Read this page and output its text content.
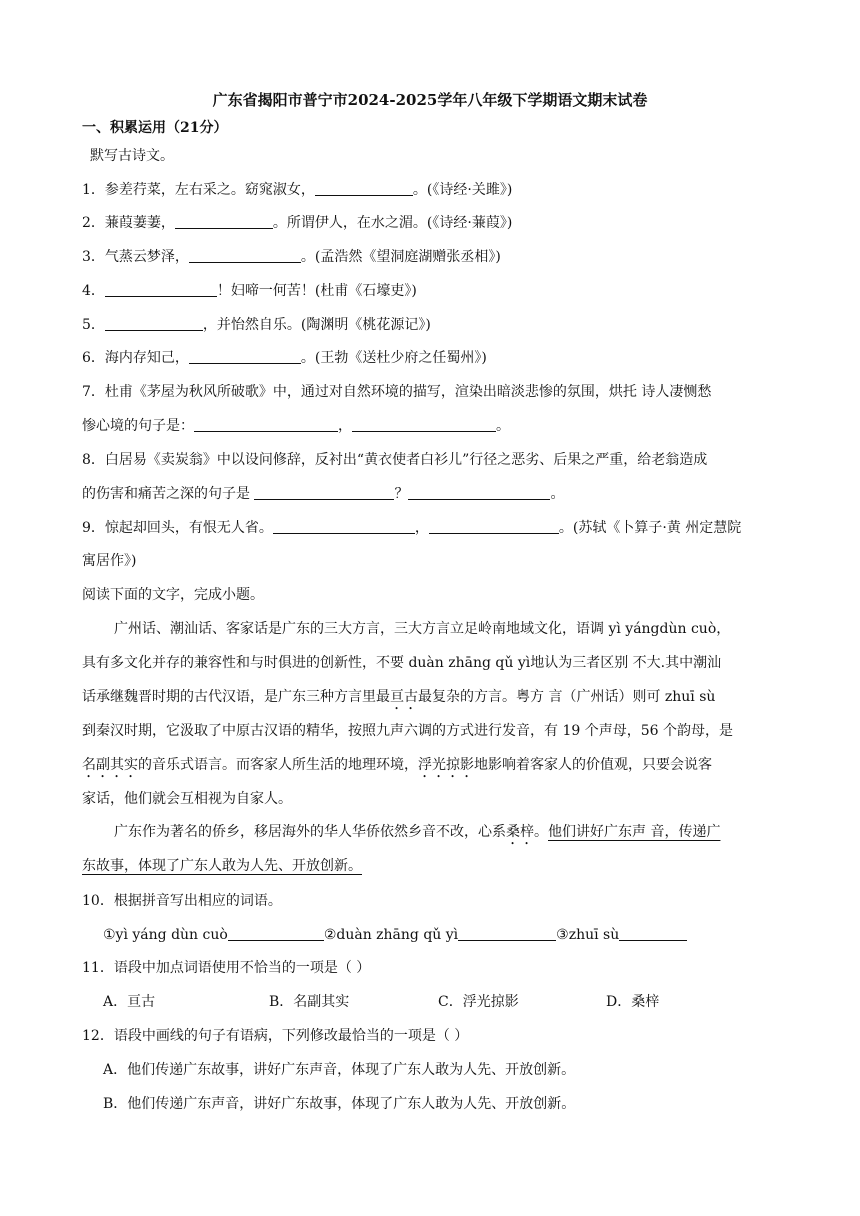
广东省揭阳市普宁市2024-2025学年八年级下学期语文期末试卷
一、积累运用（21分）
默写古诗文。
1．参差荇菜，左右采之。窈窕淑女，	。(《诗经·关雎》)
2．蒹葭萋萋，	。所谓伊人，在水之湄。(《诗经·蒹葭》)
3．气蒸云梦泽，	。(孟浩然《望洞庭湖赠张丞相》)
4．	！妇啼一何苦！(杜甫《石壕吏》)
5．	，并怡然自乐。(陶渊明《桃花源记》)
6．海内存知己，	。(王勃《送杜少府之任蜀州》)
7．杜甫《茅屋为秋风所破歌》中，通过对自然环境的描写，渲染出暗淡悲惨的氛围，烘托 诗人凄恻愁
惨心境的句子是：	，	。
8．白居易《卖炭翁》中以设问修辞，反衬出“黄衣使者白衫儿”行径之恶劣、后果之严重，给老翁造成
的伤害和痛苦之深的句子是	？	。
9．惊起却回头，有恨无人省。	，	。(苏轼《卜算子·黄 州定慧院
寓居作》)
阅读下面的文字，完成小题。
广州话、潮汕话、客家话是广东的三大方言，三大方言立足岭南地域文化，语调 yì yángdùn cuò，
具有多文化并存的兼容性和与时俱进的创新性，不要 duàn zhāng qǔ yì地认为三者区别 不大.其中潮汕
话承继魏晋时期的古代汉语，是广东三种方言里最亘古最复杂的方言。粤方 言（广州话）则可 zhuī sù
到秦汉时期，它汲取了中原古汉语的精华，按照九声六调的方式进行发音，有 19 个声母，56 个韵母，是
名副其实的音乐式语言。而客家人所生活的地理环境，浮光掠影地影响着客家人的价值观，只要会说客
家话，他们就会互相视为自家人。
广东作为著名的侨乡，移居海外的华人华侨依然乡音不改，心系桑梓。他们讲好广东声 音，传递广
东故事，体现了广东人敢为人先、开放创新。
10．根据拼音写出相应的词语。
①yì yáng dùn cuò	②duàn zhāng qǔ yì	③zhuī sù
11．语段中加点词语使用不恰当的一项是（ ）
A．亘古	B．名副其实	C．浮光掠影	D．桑梓
12．语段中画线的句子有语病，下列修改最恰当的一项是（ ）
A．他们传递广东故事，讲好广东声音，体现了广东人敢为人先、开放创新。
B．他们传递广东声音，讲好广东故事，体现了广东人敢为人先、开放创新。
